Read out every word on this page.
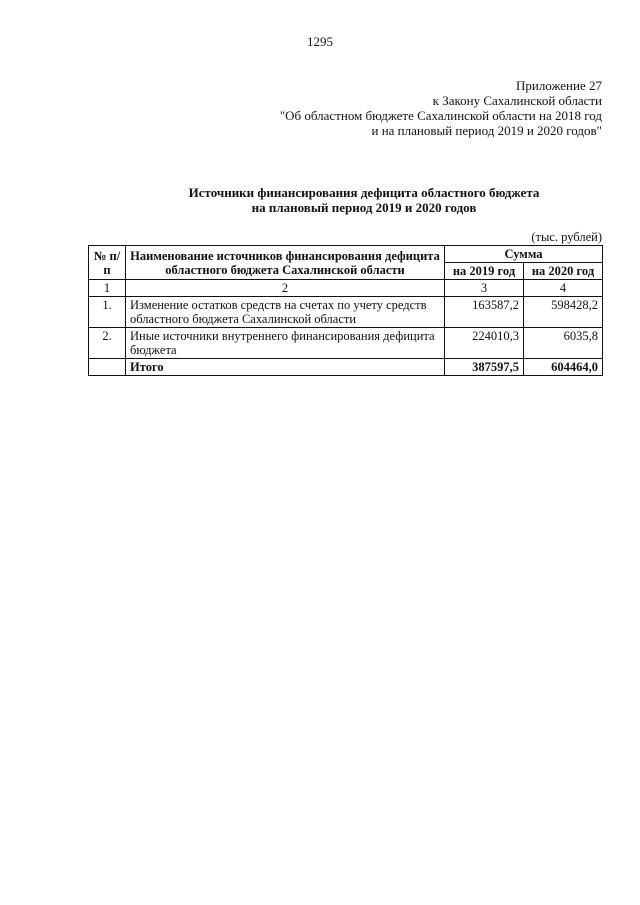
1295
Приложение 27
к Закону Сахалинской области
"Об областном бюджете Сахалинской области на 2018 год
и на плановый период 2019 и 2020 годов"
Источники финансирования дефицита областного бюджета
на плановый период 2019 и 2020 годов
(тыс. рублей)
№ п/п	Наименование источников финансирования дефицита областного бюджета Сахалинской области	Сумма	
		на 2019 год	на 2020 год
1	2	3	4
1.	Изменение остатков средств на счетах по учету средств областного бюджета Сахалинской области	163587,2	598428,2
2.	Иные источники внутреннего финансирования дефицита бюджета	224010,3	6035,8
	Итого	387597,5	604464,0
